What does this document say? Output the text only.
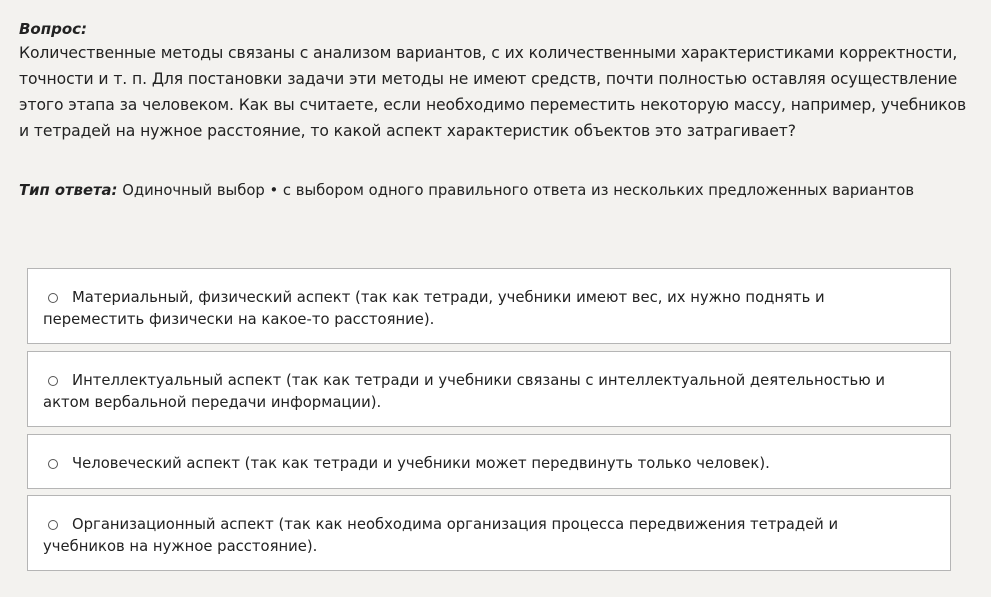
Вопрос:
Количественные методы связаны с анализом вариантов, с их количественными характеристиками корректности, точности и т. п. Для постановки задачи эти методы не имеют средств, почти полностью оставляя осуществление этого этапа за человеком. Как вы считаете, если необходимо переместить некоторую массу, например, учебников и тетрадей на нужное расстояние, то какой аспект характеристик объектов это затрагивает?
Тип ответа: Одиночный выбор • с выбором одного правильного ответа из нескольких предложенных вариантов
Материальный, физический аспект (так как тетради, учебники имеют вес, их нужно поднять и переместить физически на какое-то расстояние).
Интеллектуальный аспект (так как тетради и учебники связаны с интеллектуальной деятельностью и актом вербальной передачи информации).
Человеческий аспект (так как тетради и учебники может передвинуть только человек).
Организационный аспект (так как необходима организация процесса передвижения тетрадей и учебников на нужное расстояние).
